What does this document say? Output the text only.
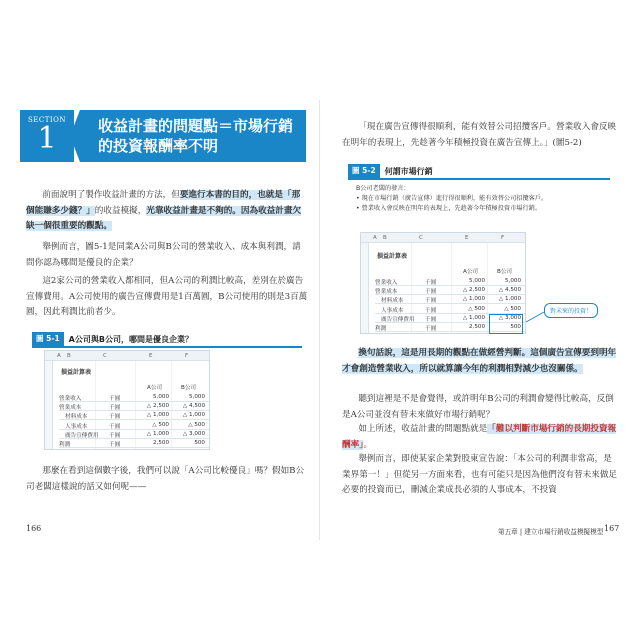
SECTION
1	收益計畫的問題點＝市場行銷
的投資報酬率不明
前面說明了製作收益計畫的方法，但要進行本書的目的，也就是「那個能賺多少錢？」的收益模擬，光靠收益計畫是不夠的。因為收益計畫欠缺一個很重要的觀點。
舉例而言，圖5-1是同業A公司與B公司的營業收入、成本與利潤，請問你認為哪間是優良的企業？
這2家公司的營業收入都相同，但A公司的利潤比較高，差別在於廣告宣傳費用。A公司使用的廣告宣傳費用是1百萬圓，B公司使用的則是3百萬圓，因此利潤比前者少。
圖 5-1	A公司與B公司，哪間是優良企業？
A B	C	E	F
損益計算表
A公司	B公司
營業收入	千圓	5,000	5,000
營業成本	千圓	△ 2,500	△ 4,500
材料成本	千圓	△ 1,000	△ 1,000
人事成本	千圓	△ 500	△ 500
廣告宣傳費用 千圓	△ 1,000	△ 3,000
利潤	千圓	2,500	500
那麼在看到這個數字後，我們可以說「A公司比較優良」嗎？假如B公司老闆這樣說的話又如何呢——
166
「現在廣告宣傳得很順利，能有效替公司招攬客戶。營業收入會反映在明年的表現上，先趁著今年積極投資在廣告宣傳上。」(圖5-2)
圖 5-2	何謂市場行銷
B公司老闆的發言：
• 現在市場行銷（廣告宣傳）進行得很順利，能有效替公司招攬客戶。
• 營業收入會反映在明年的表現上，先趁著今年積極投資市場行銷。
A B	C	E	F
損益計算表
A公司	B公司
營業收入	千圓	5,000	5,000
營業成本	千圓	△ 2,500	△ 4,500
材料成本	千圓	△ 1,000	△ 1,000
人事成本	千圓	△ 500	△ 500
廣告宣傳費用 千圓	△ 1,000	△ 3,000
利潤	千圓	2,500	500
對未來的投資！
換句話說，這是用長期的觀點在做經營判斷。這個廣告宣傳要到明年才會創造營業收入，所以就算讓今年的利潤相對減少也沒關係。
聽到這裡是不是會覺得，或許明年B公司的利潤會變得比較高，反倒是A公司並沒有替未來做好市場行銷呢？
如上所述，收益計畫的問題點就是「難以判斷市場行銷的長期投資報酬率」。
舉例而言，即使某家企業對股東宣告說：「本公司的利潤非常高，是業界第一！」但從另一方面來看，也有可能只是因為他們沒有替未來做足必要的投資而已，刪減企業成長必須的人事成本，不投資
第五章 | 建立市場行銷收益模擬模型 167
